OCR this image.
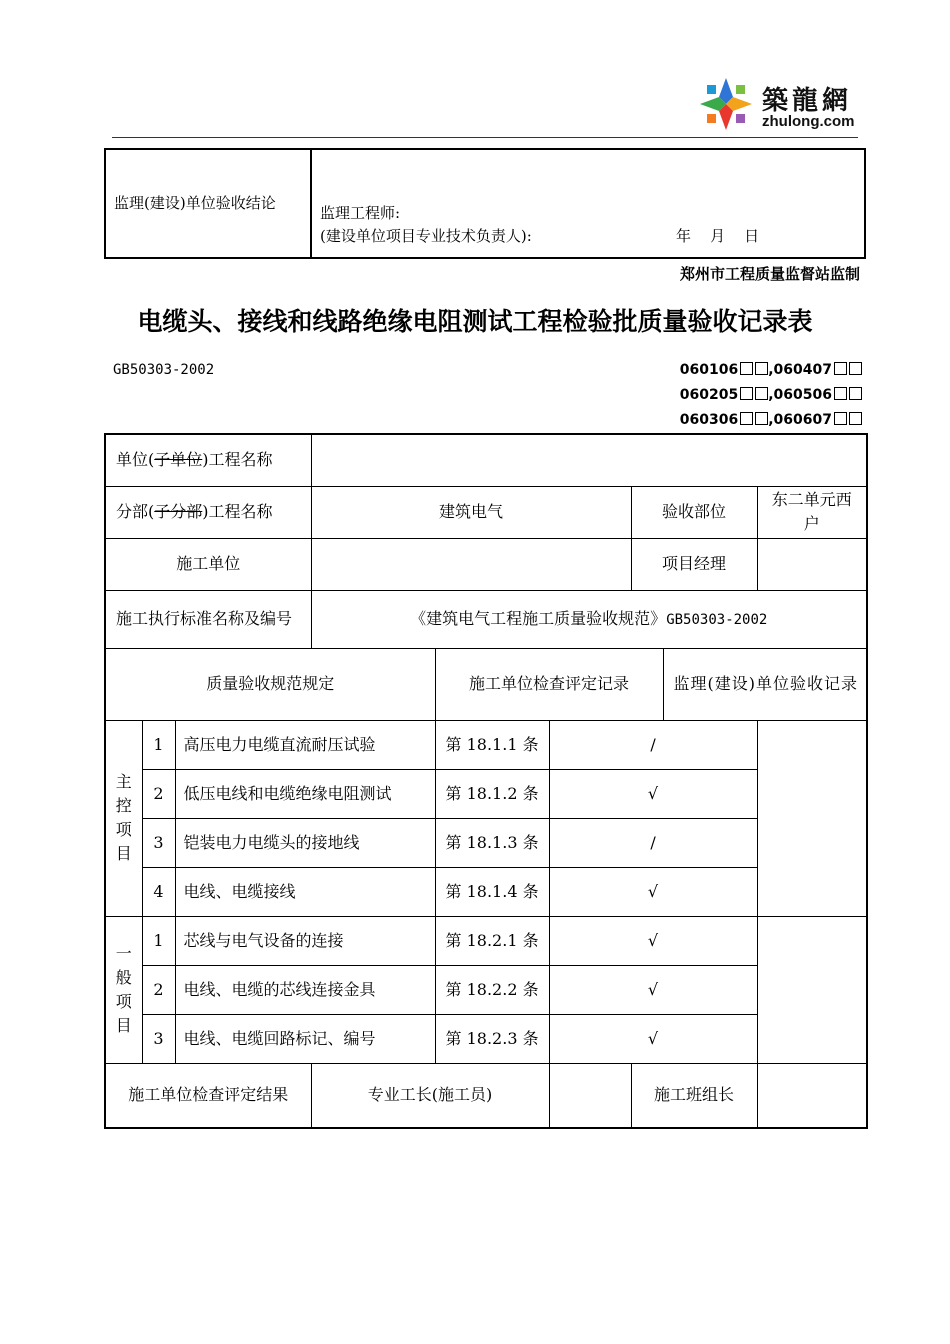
築龍網
zhulong.com
监理(建设)单位验收结论	
监理工程师:
(建设单位项目专业技术负责人):	年    月    日
郑州市工程质量监督站监制
电缆头、接线和线路绝缘电阻测试工程检验批质量验收记录表
GB50303-2002	060106 ,060407
060205 ,060506
060306 ,060607
单位(子单位)工程名称								
分部(子分部)工程名称			建筑电气			验收部位		东二单元西户
施工单位						项目经理		
施工执行标准名称及编号			《建筑电气工程施工质量验收规范》GB50303-2002					
质量验收规范规定				施工单位检查评定记录			监理(建设)单位验收记录	

主控项目	1	高压电力电缆直流耐压试验		第 18.1.1 条	/			
	2	低压电线和电缆绝缘电阻测试		第 18.1.2 条	√			
	3	铠装电力电缆头的接地线		第 18.1.3 条	/			
	4	电线、电缆接线		第 18.1.4 条	√			

一般项目	1	芯线与电气设备的连接		第 18.2.1 条	√			
	2	电线、电缆的芯线连接金具		第 18.2.2 条	√			
	3	电线、电缆回路标记、编号		第 18.2.3 条	√			
施工单位检查评定结果			专业工长(施工员)			施工班组长		
